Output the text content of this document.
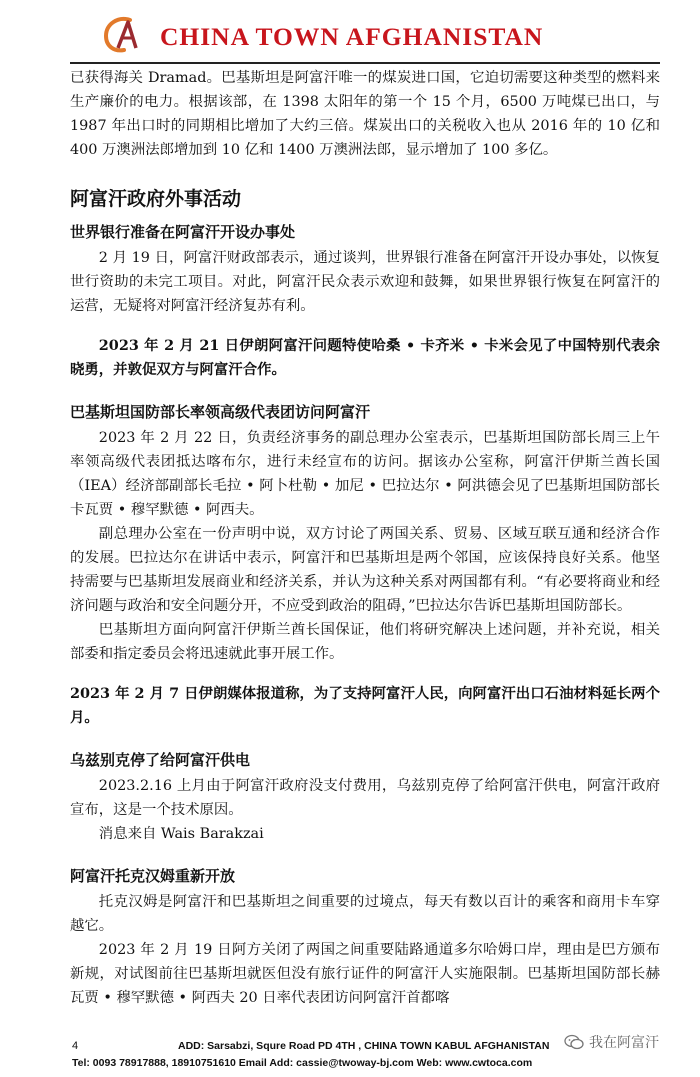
CHINA TOWN AFGHANISTAN

已获得海关 Dramad。巴基斯坦是阿富汗唯一的煤炭进口国，它迫切需要这种类型的燃料来生产廉价的电力。根据该部，在 1398 太阳年的第一个 15 个月，6500 万吨煤已出口，与 1987 年出口时的同期相比增加了大约三倍。煤炭出口的关税收入也从 2016 年的 10 亿和 400 万澳洲法郎增加到 10 亿和 1400 万澳洲法郎，显示增加了 100 多亿。

阿富汗政府外事活动
世界银行准备在阿富汗开设办事处

2 月 19 日，阿富汗财政部表示，通过谈判，世界银行准备在阿富汗开设办事处，以恢复世行资助的未完工项目。对此，阿富汗民众表示欢迎和鼓舞，如果世界银行恢复在阿富汗的运营，无疑将对阿富汗经济复苏有利。

2023 年 2 月 21 日伊朗阿富汗问题特使哈桑 • 卡齐米 • 卡米会见了中国特别代表余晓勇，并敦促双方与阿富汗合作。

巴基斯坦国防部长率领高级代表团访问阿富汗

2023 年 2 月 22 日，负责经济事务的副总理办公室表示，巴基斯坦国防部长周三上午率领高级代表团抵达喀布尔，进行未经宣布的访问。据该办公室称，阿富汗伊斯兰酋长国（IEA）经济部副部长毛拉 • 阿卜杜勒 • 加尼 • 巴拉达尔 • 阿洪德会见了巴基斯坦国防部长卡瓦贾 • 穆罕默德 • 阿西夫。

副总理办公室在一份声明中说，双方讨论了两国关系、贸易、区域互联互通和经济合作的发展。巴拉达尔在讲话中表示，阿富汗和巴基斯坦是两个邻国，应该保持良好关系。他坚持需要与巴基斯坦发展商业和经济关系，并认为这种关系对两国都有利。“有必要将商业和经济问题与政治和安全问题分开，不应受到政治的阻碍，”巴拉达尔告诉巴基斯坦国防部长。

巴基斯坦方面向阿富汗伊斯兰酋长国保证，他们将研究解决上述问题，并补充说，相关部委和指定委员会将迅速就此事开展工作。

2023 年 2 月 7 日伊朗媒体报道称，为了支持阿富汗人民，向阿富汗出口石油材料延长两个月。

乌兹别克停了给阿富汗供电

2023.2.16 上月由于阿富汗政府没支付费用，乌兹别克停了给阿富汗供电，阿富汗政府宣布，这是一个技术原因。

消息来自 Wais Barakzai

阿富汗托克汉姆重新开放

托克汉姆是阿富汗和巴基斯坦之间重要的过境点，每天有数以百计的乘客和商用卡车穿越它。

2023 年 2 月 19 日阿方关闭了两国之间重要陆路通道多尔哈姆口岸，理由是巴方颁布新规，对试图前往巴基斯坦就医但没有旅行证件的阿富汗人实施限制。巴基斯坦国防部长赫瓦贾 • 穆罕默德 • 阿西夫 20 日率代表团访问阿富汗首都喀

4	ADD: Sarsabzi, Squre Road PD 4TH , CHINA TOWN KABUL AFGHANISTAN
Tel: 0093 78917888, 18910751610 Email Add: cassie@twoway-bj.com Web: www.cwtoca.com
我在阿富汗
